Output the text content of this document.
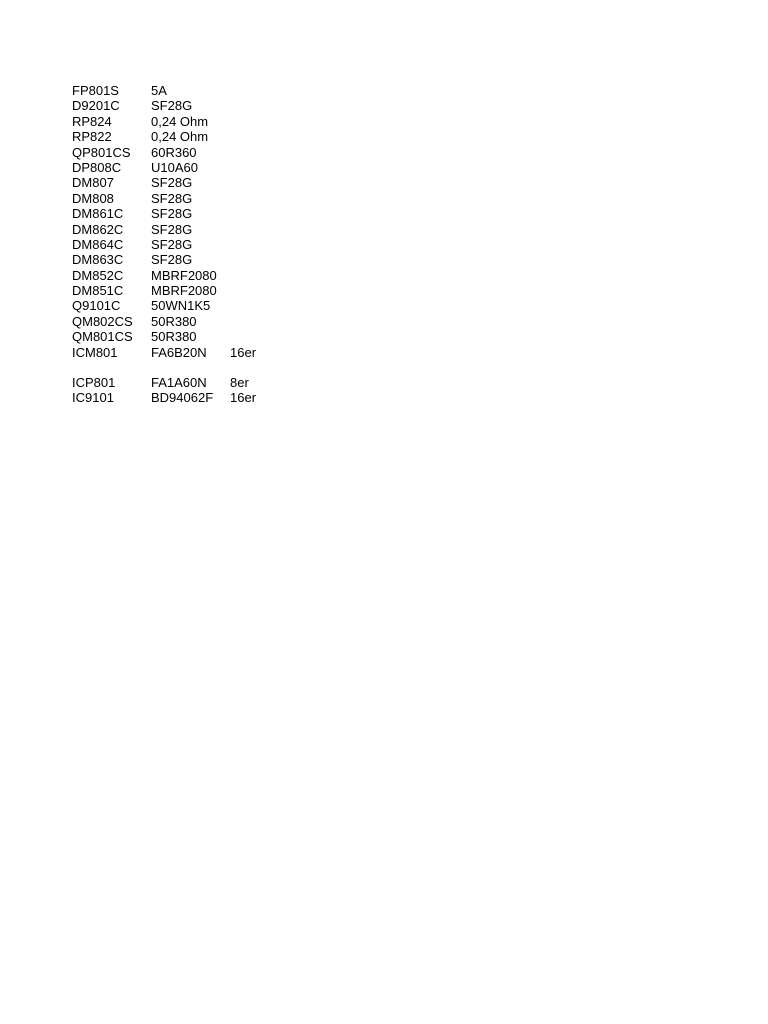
FP801S 5A
D9201C SF28G
RP824	0,24 Ohm
RP822	0,24 Ohm
QP801CS 60R360
DP808C U10A60
DM807	SF28G
DM808	SF28G
DM861C SF28G
DM862C SF28G
DM864C SF28G
DM863C SF28G
DM852C MBRF2080
DM851C MBRF2080
Q9101C 50WN1K5
QM802CS 50R380
QM801CS 50R380
ICM801	FA6B20N 16er
ICP801	FA1A60N 8er
IC9101	BD94062F 16er
